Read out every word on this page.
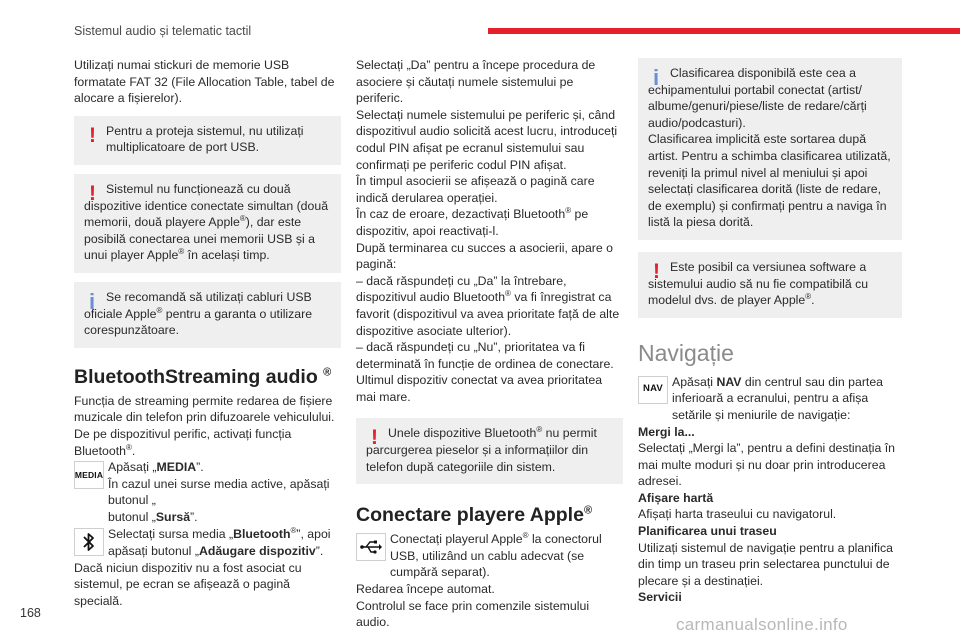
Sistemul audio și telematic tactil

Utilizați numai stickuri de memorie USB formatate FAT 32 (File Allocation Table, tabel de alocare a fișierelor).

! Pentru a proteja sistemul, nu utilizați multiplicatoare de port USB.

! Sistemul nu funcționează cu două dispozitive identice conectate simultan (două memorii, două playere Apple®), dar este posibilă conectarea unei memorii USB și a unui player Apple® în același timp.

i Se recomandă să utilizați cabluri USB oficiale Apple® pentru a garanta o utilizare corespunzătoare.

BluetoothStreaming audio ®

Funcția de streaming permite redarea de fișiere muzicale din telefon prin difuzoarele vehiculului.

De pe dispozitivul perific, activați funcția Bluetooth®.

MEDIA

Apăsați „MEDIA”.
În cazul unei surse media active, apăsați butonul „

butonul „Sursă”.

Selectați sursa media „Bluetooth®”, apoi apăsați butonul „Adăugare dispozitiv”.

Dacă niciun dispozitiv nu a fost asociat cu sistemul, pe ecran se afișează o pagină specială.

Selectați „Da” pentru a începe procedura de asociere și căutați numele sistemului pe periferic.

Selectați numele sistemului pe periferic și, când dispozitivul audio solicită acest lucru, introduceți codul PIN afișat pe ecranul sistemului sau confirmați pe periferic codul PIN afișat.

În timpul asocierii se afișează o pagină care indică derularea operației.

În caz de eroare, dezactivați Bluetooth® pe dispozitiv, apoi reactivați-l.

După terminarea cu succes a asocierii, apare o pagină:

– dacă răspundeți cu „Da” la întrebare, dispozitivul audio Bluetooth® va fi înregistrat ca favorit (dispozitivul va avea prioritate față de alte dispozitive asociate ulterior).

– dacă răspundeți cu „Nu”, prioritatea va fi determinată în funcție de ordinea de conectare. Ultimul dispozitiv conectat va avea prioritatea mai mare.

! Unele dispozitive Bluetooth® nu permit parcurgerea pieselor și a informațiilor din telefon după categoriile din sistem.

Conectare playere Apple®

Conectați playerul Apple® la conectorul USB, utilizând un cablu adecvat (se cumpără separat).

Redarea începe automat.

Controlul se face prin comenzile sistemului audio.

i Clasificarea disponibilă este cea a echipamentului portabil conectat (artist/ albume/genuri/piese/liste de redare/cărți audio/podcasturi).

Clasificarea implicită este sortarea după artist. Pentru a schimba clasificarea utilizată, reveniți la primul nivel al meniului și apoi selectați clasificarea dorită (liste de redare, de exemplu) și confirmați pentru a naviga în listă la piesa dorită.

! Este posibil ca versiunea software a sistemului audio să nu fie compatibilă cu modelul dvs. de player Apple®.

Navigație
NAV

Apăsați NAV din centrul sau din partea inferioară a ecranului, pentru a afișa setările și meniurile de navigație:

Mergi la...

Selectați „Mergi la”, pentru a defini destinația în mai multe moduri și nu doar prin introducerea adresei.

Afișare hartă

Afișați harta traseului cu navigatorul.

Planificarea unui traseu

Utilizați sistemul de navigație pentru a planifica din timp un traseu prin selectarea punctului de plecare și a destinației.

Servicii

168
carmanualsonline.info
